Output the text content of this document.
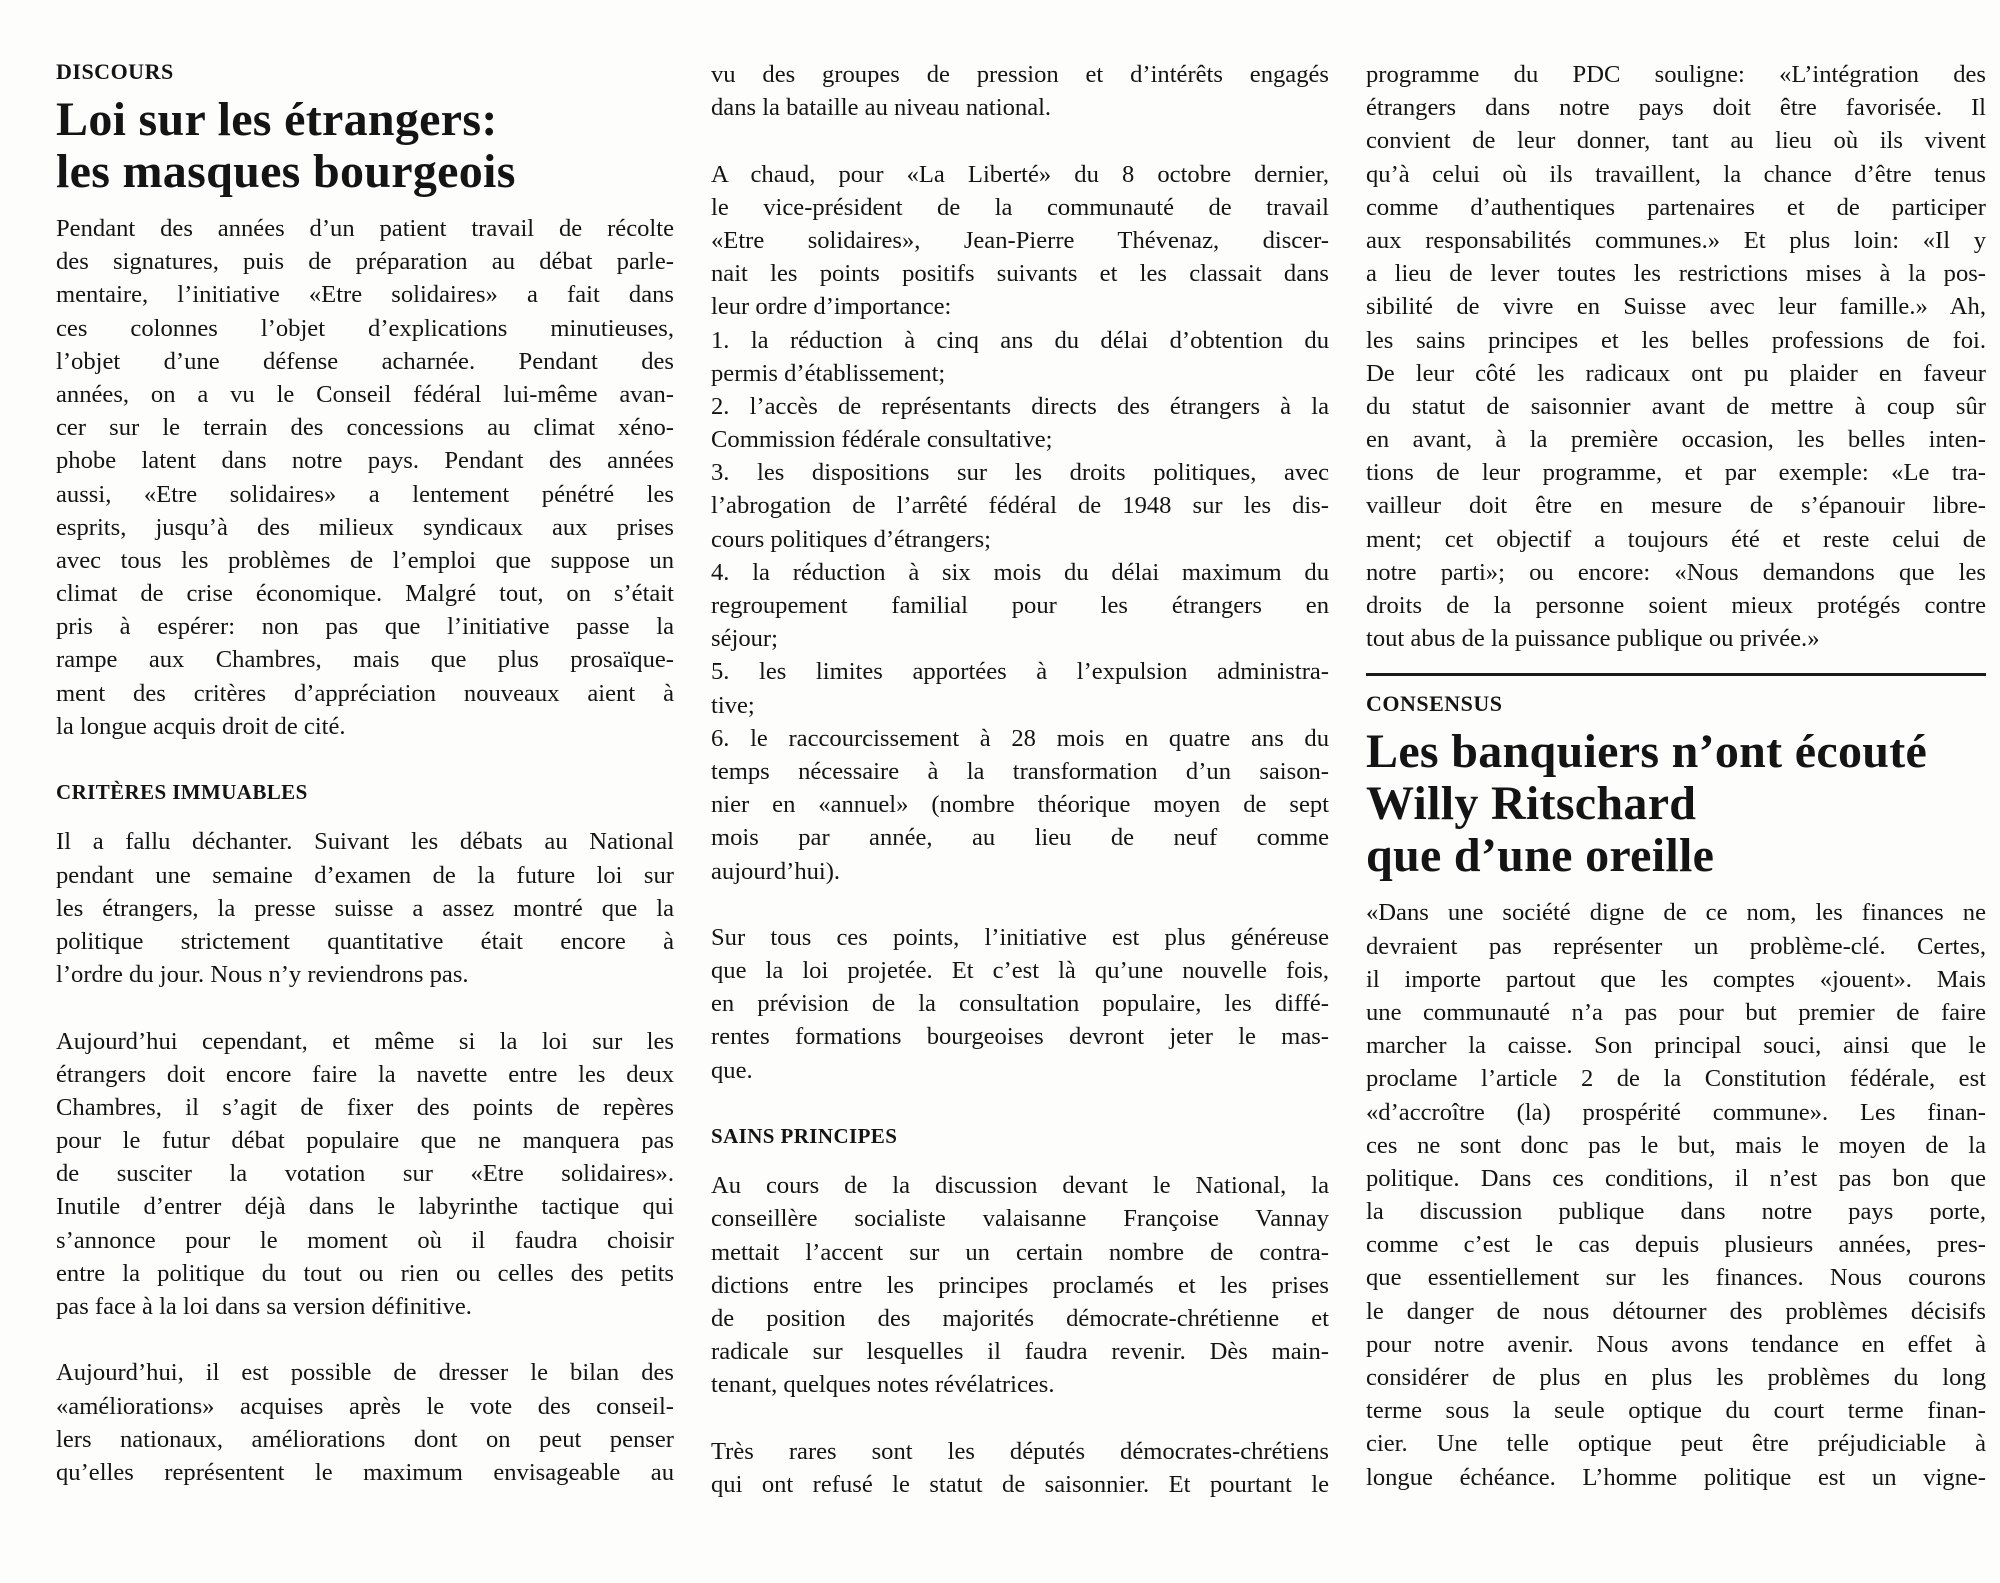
DISCOURS
Loi sur les étrangers:
les masques bourgeois
Pendant des années d’un patient travail de récolte
des signatures, puis de préparation au débat parle-
mentaire, l’initiative «Etre solidaires» a fait dans
ces colonnes l’objet d’explications minutieuses,
l’objet d’une défense acharnée. Pendant des
années, on a vu le Conseil fédéral lui-même avan-
cer sur le terrain des concessions au climat xéno-
phobe latent dans notre pays. Pendant des années
aussi, «Etre solidaires» a lentement pénétré les
esprits, jusqu’à des milieux syndicaux aux prises
avec tous les problèmes de l’emploi que suppose un
climat de crise économique. Malgré tout, on s’était
pris à espérer: non pas que l’initiative passe la
rampe aux Chambres, mais que plus prosaïque-
ment des critères d’appréciation nouveaux aient à
la longue acquis droit de cité.
CRITÈRES IMMUABLES
Il a fallu déchanter. Suivant les débats au National
pendant une semaine d’examen de la future loi sur
les étrangers, la presse suisse a assez montré que la
politique strictement quantitative était encore à
l’ordre du jour. Nous n’y reviendrons pas.
Aujourd’hui cependant, et même si la loi sur les
étrangers doit encore faire la navette entre les deux
Chambres, il s’agit de fixer des points de repères
pour le futur débat populaire que ne manquera pas
de susciter la votation sur «Etre solidaires».
Inutile d’entrer déjà dans le labyrinthe tactique qui
s’annonce pour le moment où il faudra choisir
entre la politique du tout ou rien ou celles des petits
pas face à la loi dans sa version définitive.
Aujourd’hui, il est possible de dresser le bilan des
«améliorations» acquises après le vote des conseil-
lers nationaux, améliorations dont on peut penser
qu’elles représentent le maximum envisageable au
vu des groupes de pression et d’intérêts engagés
dans la bataille au niveau national.
A chaud, pour «La Liberté» du 8 octobre dernier,
le vice-président de la communauté de travail
«Etre solidaires», Jean-Pierre Thévenaz, discer-
nait les points positifs suivants et les classait dans
leur ordre d’importance:
1. la réduction à cinq ans du délai d’obtention du
permis d’établissement;
2. l’accès de représentants directs des étrangers à la
Commission fédérale consultative;
3. les dispositions sur les droits politiques, avec
l’abrogation de l’arrêté fédéral de 1948 sur les dis-
cours politiques d’étrangers;
4. la réduction à six mois du délai maximum du
regroupement familial pour les étrangers en
séjour;
5. les limites apportées à l’expulsion administra-
tive;
6. le raccourcissement à 28 mois en quatre ans du
temps nécessaire à la transformation d’un saison-
nier en «annuel» (nombre théorique moyen de sept
mois par année, au lieu de neuf comme
aujourd’hui).
Sur tous ces points, l’initiative est plus généreuse
que la loi projetée. Et c’est là qu’une nouvelle fois,
en prévision de la consultation populaire, les diffé-
rentes formations bourgeoises devront jeter le mas-
que.
SAINS PRINCIPES
Au cours de la discussion devant le National, la
conseillère socialiste valaisanne Françoise Vannay
mettait l’accent sur un certain nombre de contra-
dictions entre les principes proclamés et les prises
de position des majorités démocrate-chrétienne et
radicale sur lesquelles il faudra revenir. Dès main-
tenant, quelques notes révélatrices.
Très rares sont les députés démocrates-chrétiens
qui ont refusé le statut de saisonnier. Et pourtant le
programme du PDC souligne: «L’intégration des
étrangers dans notre pays doit être favorisée. Il
convient de leur donner, tant au lieu où ils vivent
qu’à celui où ils travaillent, la chance d’être tenus
comme d’authentiques partenaires et de participer
aux responsabilités communes.» Et plus loin: «Il y
a lieu de lever toutes les restrictions mises à la pos-
sibilité de vivre en Suisse avec leur famille.» Ah,
les sains principes et les belles professions de foi.
De leur côté les radicaux ont pu plaider en faveur
du statut de saisonnier avant de mettre à coup sûr
en avant, à la première occasion, les belles inten-
tions de leur programme, et par exemple: «Le tra-
vailleur doit être en mesure de s’épanouir libre-
ment; cet objectif a toujours été et reste celui de
notre parti»; ou encore: «Nous demandons que les
droits de la personne soient mieux protégés contre
tout abus de la puissance publique ou privée.»
CONSENSUS
Les banquiers n’ont écouté
Willy Ritschard
que d’une oreille
«Dans une société digne de ce nom, les finances ne
devraient pas représenter un problème-clé. Certes,
il importe partout que les comptes «jouent». Mais
une communauté n’a pas pour but premier de faire
marcher la caisse. Son principal souci, ainsi que le
proclame l’article 2 de la Constitution fédérale, est
«d’accroître (la) prospérité commune». Les finan-
ces ne sont donc pas le but, mais le moyen de la
politique. Dans ces conditions, il n’est pas bon que
la discussion publique dans notre pays porte,
comme c’est le cas depuis plusieurs années, pres-
que essentiellement sur les finances. Nous courons
le danger de nous détourner des problèmes décisifs
pour notre avenir. Nous avons tendance en effet à
considérer de plus en plus les problèmes du long
terme sous la seule optique du court terme finan-
cier. Une telle optique peut être préjudiciable à
longue échéance. L’homme politique est un vigne-
